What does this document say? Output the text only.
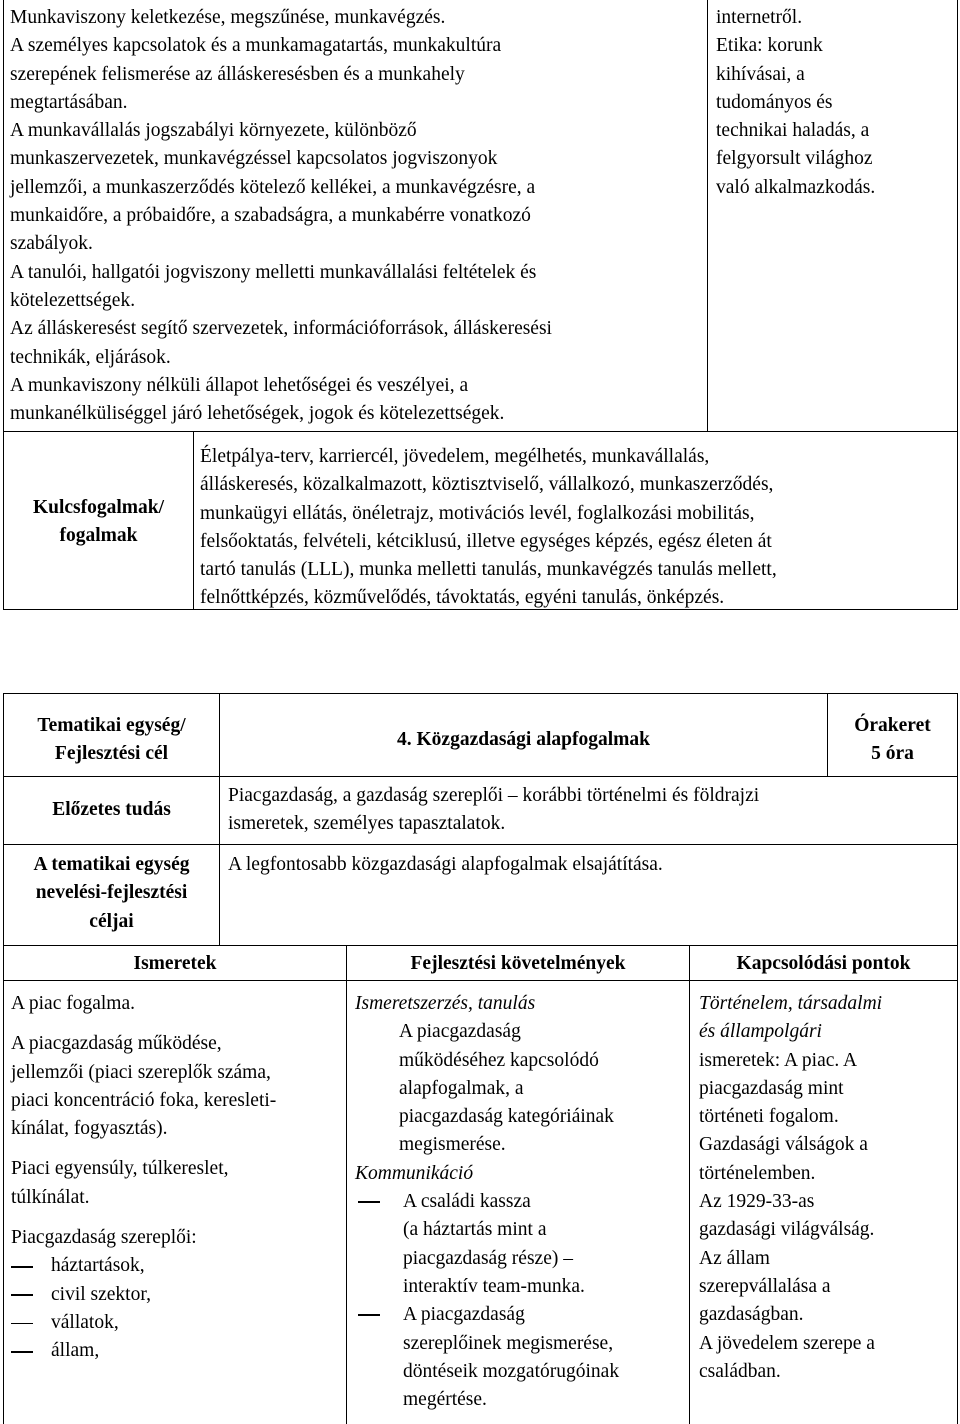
Munkaviszony keletkezése, megszűnése, munkavégzés.
A személyes kapcsolatok és a munkamagatartás, munkakultúra
szerepének felismerése az álláskeresésben és a munkahely
megtartásában.
A munkavállalás jogszabályi környezete, különböző
munkaszervezetek, munkavégzéssel kapcsolatos jogviszonyok
jellemzői, a munkaszerződés kötelező kellékei, a munkavégzésre, a
munkaidőre, a próbaidőre, a szabadságra, a munkabérre vonatkozó
szabályok.
A tanulói, hallgatói jogviszony melletti munkavállalási feltételek és
kötelezettségek.
Az álláskeresést segítő szervezetek, információforrások, álláskeresési
technikák, eljárások.
A munkaviszony nélküli állapot lehetőségei és veszélyei, a
munkanélküliséggel járó lehetőségek, jogok és kötelezettségek.
internetről.
Etika: korunk
kihívásai, a
tudományos és
technikai haladás, a
felgyorsult világhoz
való alkalmazkodás.
Kulcsfogalmak/
fogalmak
Életpálya-terv, karriercél, jövedelem, megélhetés, munkavállalás,
álláskeresés, közalkalmazott, köztisztviselő, vállalkozó, munkaszerződés,
munkaügyi ellátás, önéletrajz, motivációs levél, foglalkozási mobilitás,
felsőoktatás, felvételi, kétciklusú, illetve egységes képzés, egész életen át
tartó tanulás (LLL), munka melletti tanulás, munkavégzés tanulás mellett,
felnőttképzés, közművelődés, távoktatás, egyéni tanulás, önképzés.
Tematikai egység/
Fejlesztési cél
4. Közgazdasági alapfogalmak
Órakeret
5 óra
Előzetes tudás
Piacgazdaság, a gazdaság szereplői – korábbi történelmi és földrajzi
ismeretek, személyes tapasztalatok.
A tematikai egység
nevelési-fejlesztési
céljai
A legfontosabb közgazdasági alapfogalmak elsajátítása.
Ismeretek	Fejlesztési követelmények	Kapcsolódási pontok
A piac fogalma.
A piacgazdaság működése,
jellemzői (piaci szereplők száma,
piaci koncentráció foka, keresleti-
kínálat, fogyasztás).
Piaci egyensúly, túlkereslet,
túlkínálat.
Piacgazdaság szereplői:
háztartások,
civil szektor,
vállatok,
állam,
Ismeretszerzés, tanulás
A piacgazdaság
működéséhez kapcsolódó
alapfogalmak, a
piacgazdaság kategóriáinak
megismerése.
Kommunikáció
A családi kassza
(a háztartás mint a
piacgazdaság része) –
interaktív team-munka.
A piacgazdaság
szereplőinek megismerése,
döntéseik mozgatórugóinak
megértése.
Történelem, társadalmi
és állampolgári
ismeretek: A piac. A
piacgazdaság mint
történeti fogalom.
Gazdasági válságok a
történelemben.
Az 1929-33-as
gazdasági világválság.
Az állam
szerepvállalása a
gazdaságban.
A jövedelem szerepe a
családban.
